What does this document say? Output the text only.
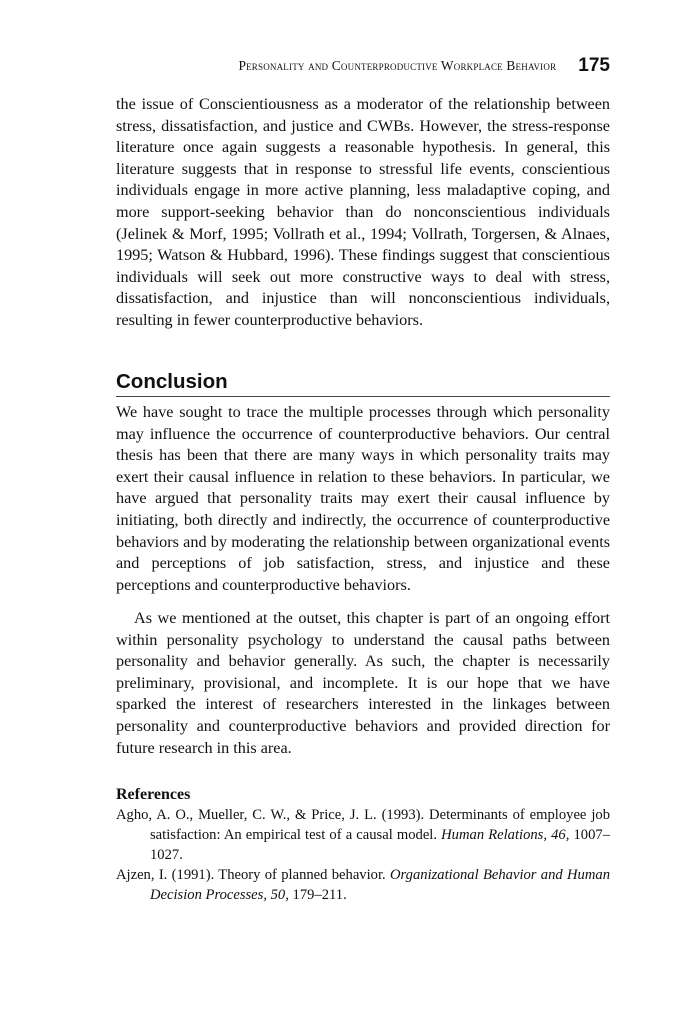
Personality and Counterproductive Workplace Behavior 175

the issue of Conscientiousness as a moderator of the relationship between stress, dissatisfaction, and justice and CWBs. However, the stress-response literature once again suggests a reasonable hypothesis. In general, this literature suggests that in response to stressful life events, conscientious individuals engage in more active planning, less maladaptive coping, and more support-seeking behavior than do nonconscientious individuals (Jelinek & Morf, 1995; Vollrath et al., 1994; Vollrath, Torgersen, & Alnaes, 1995; Watson & Hubbard, 1996). These findings suggest that conscientious individuals will seek out more constructive ways to deal with stress, dissatisfaction, and injustice than will nonconscientious individuals, resulting in fewer counterproductive behaviors.

Conclusion

We have sought to trace the multiple processes through which personality may influence the occurrence of counterproductive behaviors. Our central thesis has been that there are many ways in which personality traits may exert their causal influence in relation to these behaviors. In particular, we have argued that personality traits may exert their causal influence by initiating, both directly and indirectly, the occurrence of counterproductive behaviors and by moderating the relationship between organizational events and perceptions of job satisfaction, stress, and injustice and these perceptions and counterproductive behaviors.

As we mentioned at the outset, this chapter is part of an ongoing effort within personality psychology to understand the causal paths between personality and behavior generally. As such, the chapter is necessarily preliminary, provisional, and incomplete. It is our hope that we have sparked the interest of researchers interested in the linkages between personality and counterproductive behaviors and provided direction for future research in this area.

References

Agho, A. O., Mueller, C. W., & Price, J. L. (1993). Determinants of employee job satisfaction: An empirical test of a causal model. Human Relations, 46, 1007–1027.

Ajzen, I. (1991). Theory of planned behavior. Organizational Behavior and Human Decision Processes, 50, 179–211.
